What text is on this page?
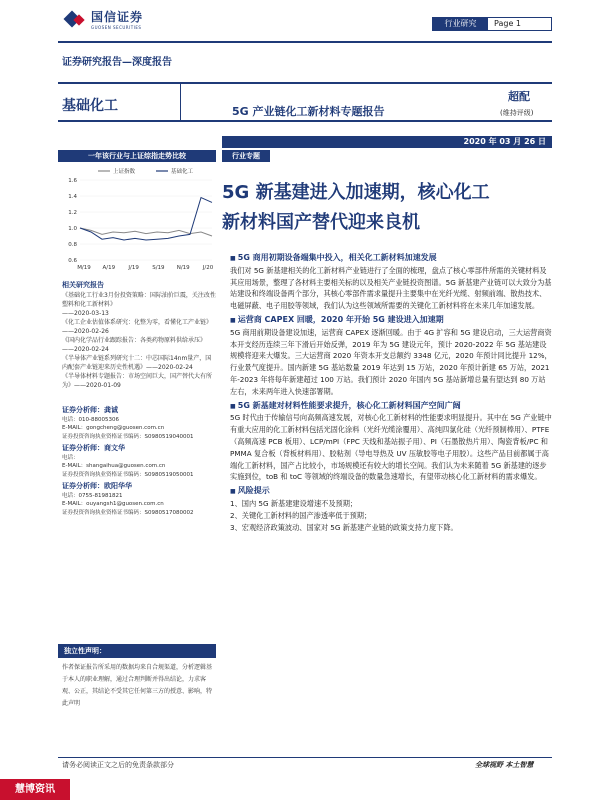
国信证券
GUOSEN SECURITIES	行业研究	Page 1
证券研究报告—深度报告
基础化工	5G 产业链化工新材料专题报告
超配
(维持评级)
2020 年 03 月 26 日
一年该行业与上证综指走势比较	行业专题
上证指数	基础化工
1.6
1.4
1.2
1.0
0.8
0.6
M/19 A/19 J/19 S/19 N/19 J/20
5G 新基建进入加速期，核心化工
新材料国产替代迎来良机
相关研究报告
《基础化工行业3月份投资策略：国际油价巨震，关注改性塑料和化工新材料》
——2020-03-13
《化工企业估值体系研究：化整为零，看懂化工产业链》——2020-02-26
《国内化学品行业跟踪报告：各类药物原料供给承压》——2020-02-24
《半导体产业链系列研究十二：中芯国际14nm量产，国内配套产业链迎来历史性机遇》——2020-02-24
《半导体材料专题报告：市场空间巨大，国产替代大有所为》——2020-01-09
证券分析师：龚诚
电话：010-88005306
E-MAIL：gongcheng@guosen.com.cn
证券投资咨询执业资格证书编码：S0980519040001
证券分析师：商文华
电话：
E-MAIL：shangaihua@guosen.com.cn
证券投资咨询执业资格证书编码：S0980519050001
证券分析师：欧阳华华
电话：0755-81981821
E-MAIL：ouyangsh1@guosen.com.cn
证券投资咨询执业资格证书编码：S0980517080002
■ 5G 商用初期设备端集中投入，相关化工新材料加速发展

我们对 5G 新基建相关的化工新材料产业链进行了全面的梳理，盘点了核心零部件所需的关键材料及其应用场景，整理了各材料主要相关标的以及相关产业链投资图谱。5G 新基建产业链可以大致分为基站建设和终端设备两个部分，其核心零部件需求量提升主要集中在光纤光缆、射频前端、散热技术、电磁屏蔽、电子用胶等领域，我们认为这些领域所需要的关键化工新材料将在未来几年加速发展。

■ 运营商 CAPEX 回暖，2020 年开始 5G 建设进入加速期

5G 商用前期设备建设加速，运营商 CAPEX 逐渐回暖。由于 4G 扩容和 5G 建设启动，三大运营商资本开支经历连续三年下滑后开始反弹，2019 年为 5G 建设元年，预计 2020-2022 年 5G 基站建设规模将迎来大爆发。三大运营商 2020 年资本开支总额约 3348 亿元，2020 年预计同比提升 12%，行业景气度提升。国内新建 5G 基站数量 2019 年达到 15 万站，2020 年预计新建 65 万站，2021 年-2023 年将每年新建超过 100 万站。我们预计 2020 年国内 5G 基站新增总量有望达到 80 万站左右，未来两年进入快速部署期。

■ 5G 新基建对材料性能要求提升，核心化工新材料国产空间广阔

5G 时代由于传输信号向高频高速发展，对核心化工新材料的性能要求明显提升。其中在 5G 产业链中有重大应用的化工新材料包括光固化涂料（光纤光缆涂覆用）、高纯四氯化硅（光纤预制棒用）、PTFE（高频高速 PCB 板用）、LCP/mPI（FPC 天线和基站振子用）、PI（石墨散热片用）、陶瓷背板/PC 和 PMMA 复合板（背板材料用）、胶粘剂（导电导热及 UV 压敏胶等电子用胶）。这些产品目前都属于高端化工新材料，国产占比较小，市场规模还有较大的增长空间。我们认为未来随着 5G 新基建的逐步实施到位，toB 和 toC 等领域的终端设备的数量急速增长，有望带动核心化工新材料的需求爆发。

■ 风险提示
1、国内 5G 新基建建设增速不及预期；
2、关键化工新材料的国产渗透率低于预期；
3、宏观经济政策波动、国家对 5G 新基建产业链的政策支持力度下降。
独立性声明：
作者保证报告所采用的数据均来自合规渠道，分析逻辑基于本人的职业理解，通过合理判断并得出结论，力求客观、公正，其结论不受其它任何第三方的授意、影响，特此声明
请务必阅读正文之后的免责条款部分	全球视野 本土智慧
慧博资讯
